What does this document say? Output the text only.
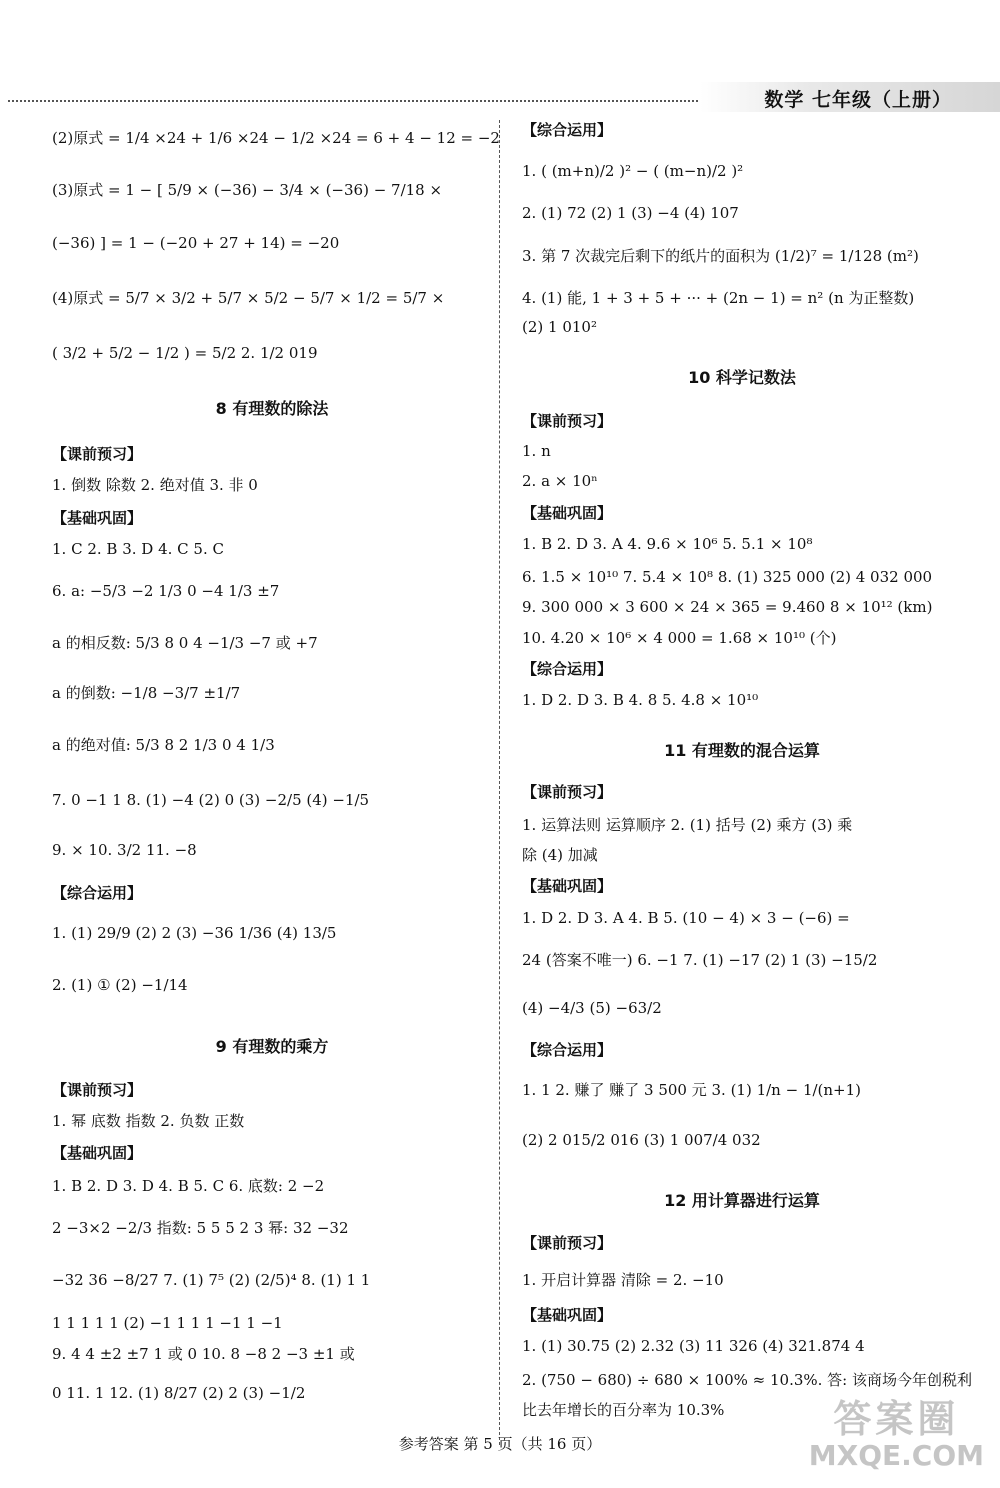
数学 七年级（上册）
(2)原式 = 1/4 ×24 + 1/6 ×24 − 1/2 ×24 = 6 + 4 − 12 = −2
(3)原式 = 1 − [ 5/9 × (−36) − 3/4 × (−36) − 7/18 ×
(−36) ] = 1 − (−20 + 27 + 14) = −20
(4)原式 = 5/7 × 3/2 + 5/7 × 5/2 − 5/7 × 1/2 = 5/7 ×
( 3/2 + 5/2 − 1/2 ) = 5/2 2. 1/2 019
8 有理数的除法
【课前预习】
1. 倒数 除数 2. 绝对值 3. 非 0
【基础巩固】
1. C 2. B 3. D 4. C 5. C
6. a: −5/3 −2 1/3 0 −4 1/3 ±7
a 的相反数: 5/3 8 0 4 −1/3 −7 或 +7
a 的倒数: −1/8 −3/7 ±1/7
a 的绝对值: 5/3 8 2 1/3 0 4 1/3
7. 0 −1 1 8. (1) −4 (2) 0 (3) −2/5 (4) −1/5
9. × 10. 3/2 11. −8
【综合运用】
1. (1) 29/9 (2) 2 (3) −36 1/36 (4) 13/5
2. (1) ① (2) −1/14
9 有理数的乘方
【课前预习】
1. 幂 底数 指数 2. 负数 正数
【基础巩固】
1. B 2. D 3. D 4. B 5. C 6. 底数: 2 −2
2 −3×2 −2/3 指数: 5 5 5 2 3 幂: 32 −32
−32 36 −8/27 7. (1) 7⁵ (2) (2/5)⁴ 8. (1) 1 1
1 1 1 1 1 (2) −1 1 1 1 −1 1 −1
9. 4 4 ±2 ±7 1 或 0 10. 8 −8 2 −3 ±1 或
0 11. 1 12. (1) 8/27 (2) 2 (3) −1/2
【综合运用】
1. ( (m+n)/2 )² − ( (m−n)/2 )²
2. (1) 72 (2) 1 (3) −4 (4) 107
3. 第 7 次裁完后剩下的纸片的面积为 (1/2)⁷ = 1/128 (m²)
4. (1) 能, 1 + 3 + 5 + ··· + (2n − 1) = n² (n 为正整数)
(2) 1 010²
10 科学记数法
【课前预习】
1. n
2. a × 10ⁿ
【基础巩固】
1. B 2. D 3. A 4. 9.6 × 10⁶ 5. 5.1 × 10⁸
6. 1.5 × 10¹⁰ 7. 5.4 × 10⁸ 8. (1) 325 000 (2) 4 032 000
9. 300 000 × 3 600 × 24 × 365 = 9.460 8 × 10¹² (km)
10. 4.20 × 10⁶ × 4 000 = 1.68 × 10¹⁰ (个)
【综合运用】
1. D 2. D 3. B 4. 8 5. 4.8 × 10¹⁰
11 有理数的混合运算
【课前预习】
1. 运算法则 运算顺序 2. (1) 括号 (2) 乘方 (3) 乘
除 (4) 加减
【基础巩固】
1. D 2. D 3. A 4. B 5. (10 − 4) × 3 − (−6) =
24 (答案不唯一) 6. −1 7. (1) −17 (2) 1 (3) −15/2
(4) −4/3 (5) −63/2
【综合运用】
1. 1 2. 赚了 赚了 3 500 元 3. (1) 1/n − 1/(n+1)
(2) 2 015/2 016 (3) 1 007/4 032
12 用计算器进行运算
【课前预习】
1. 开启计算器 清除 = 2. −10
【基础巩固】
1. (1) 30.75 (2) 2.32 (3) 11 326 (4) 321.874 4
2. (750 − 680) ÷ 680 × 100% ≈ 10.3%. 答: 该商场今年创税利
比去年增长的百分率为 10.3%
参考答案 第 5 页（共 16 页）
答案圈
MXQE.COM
